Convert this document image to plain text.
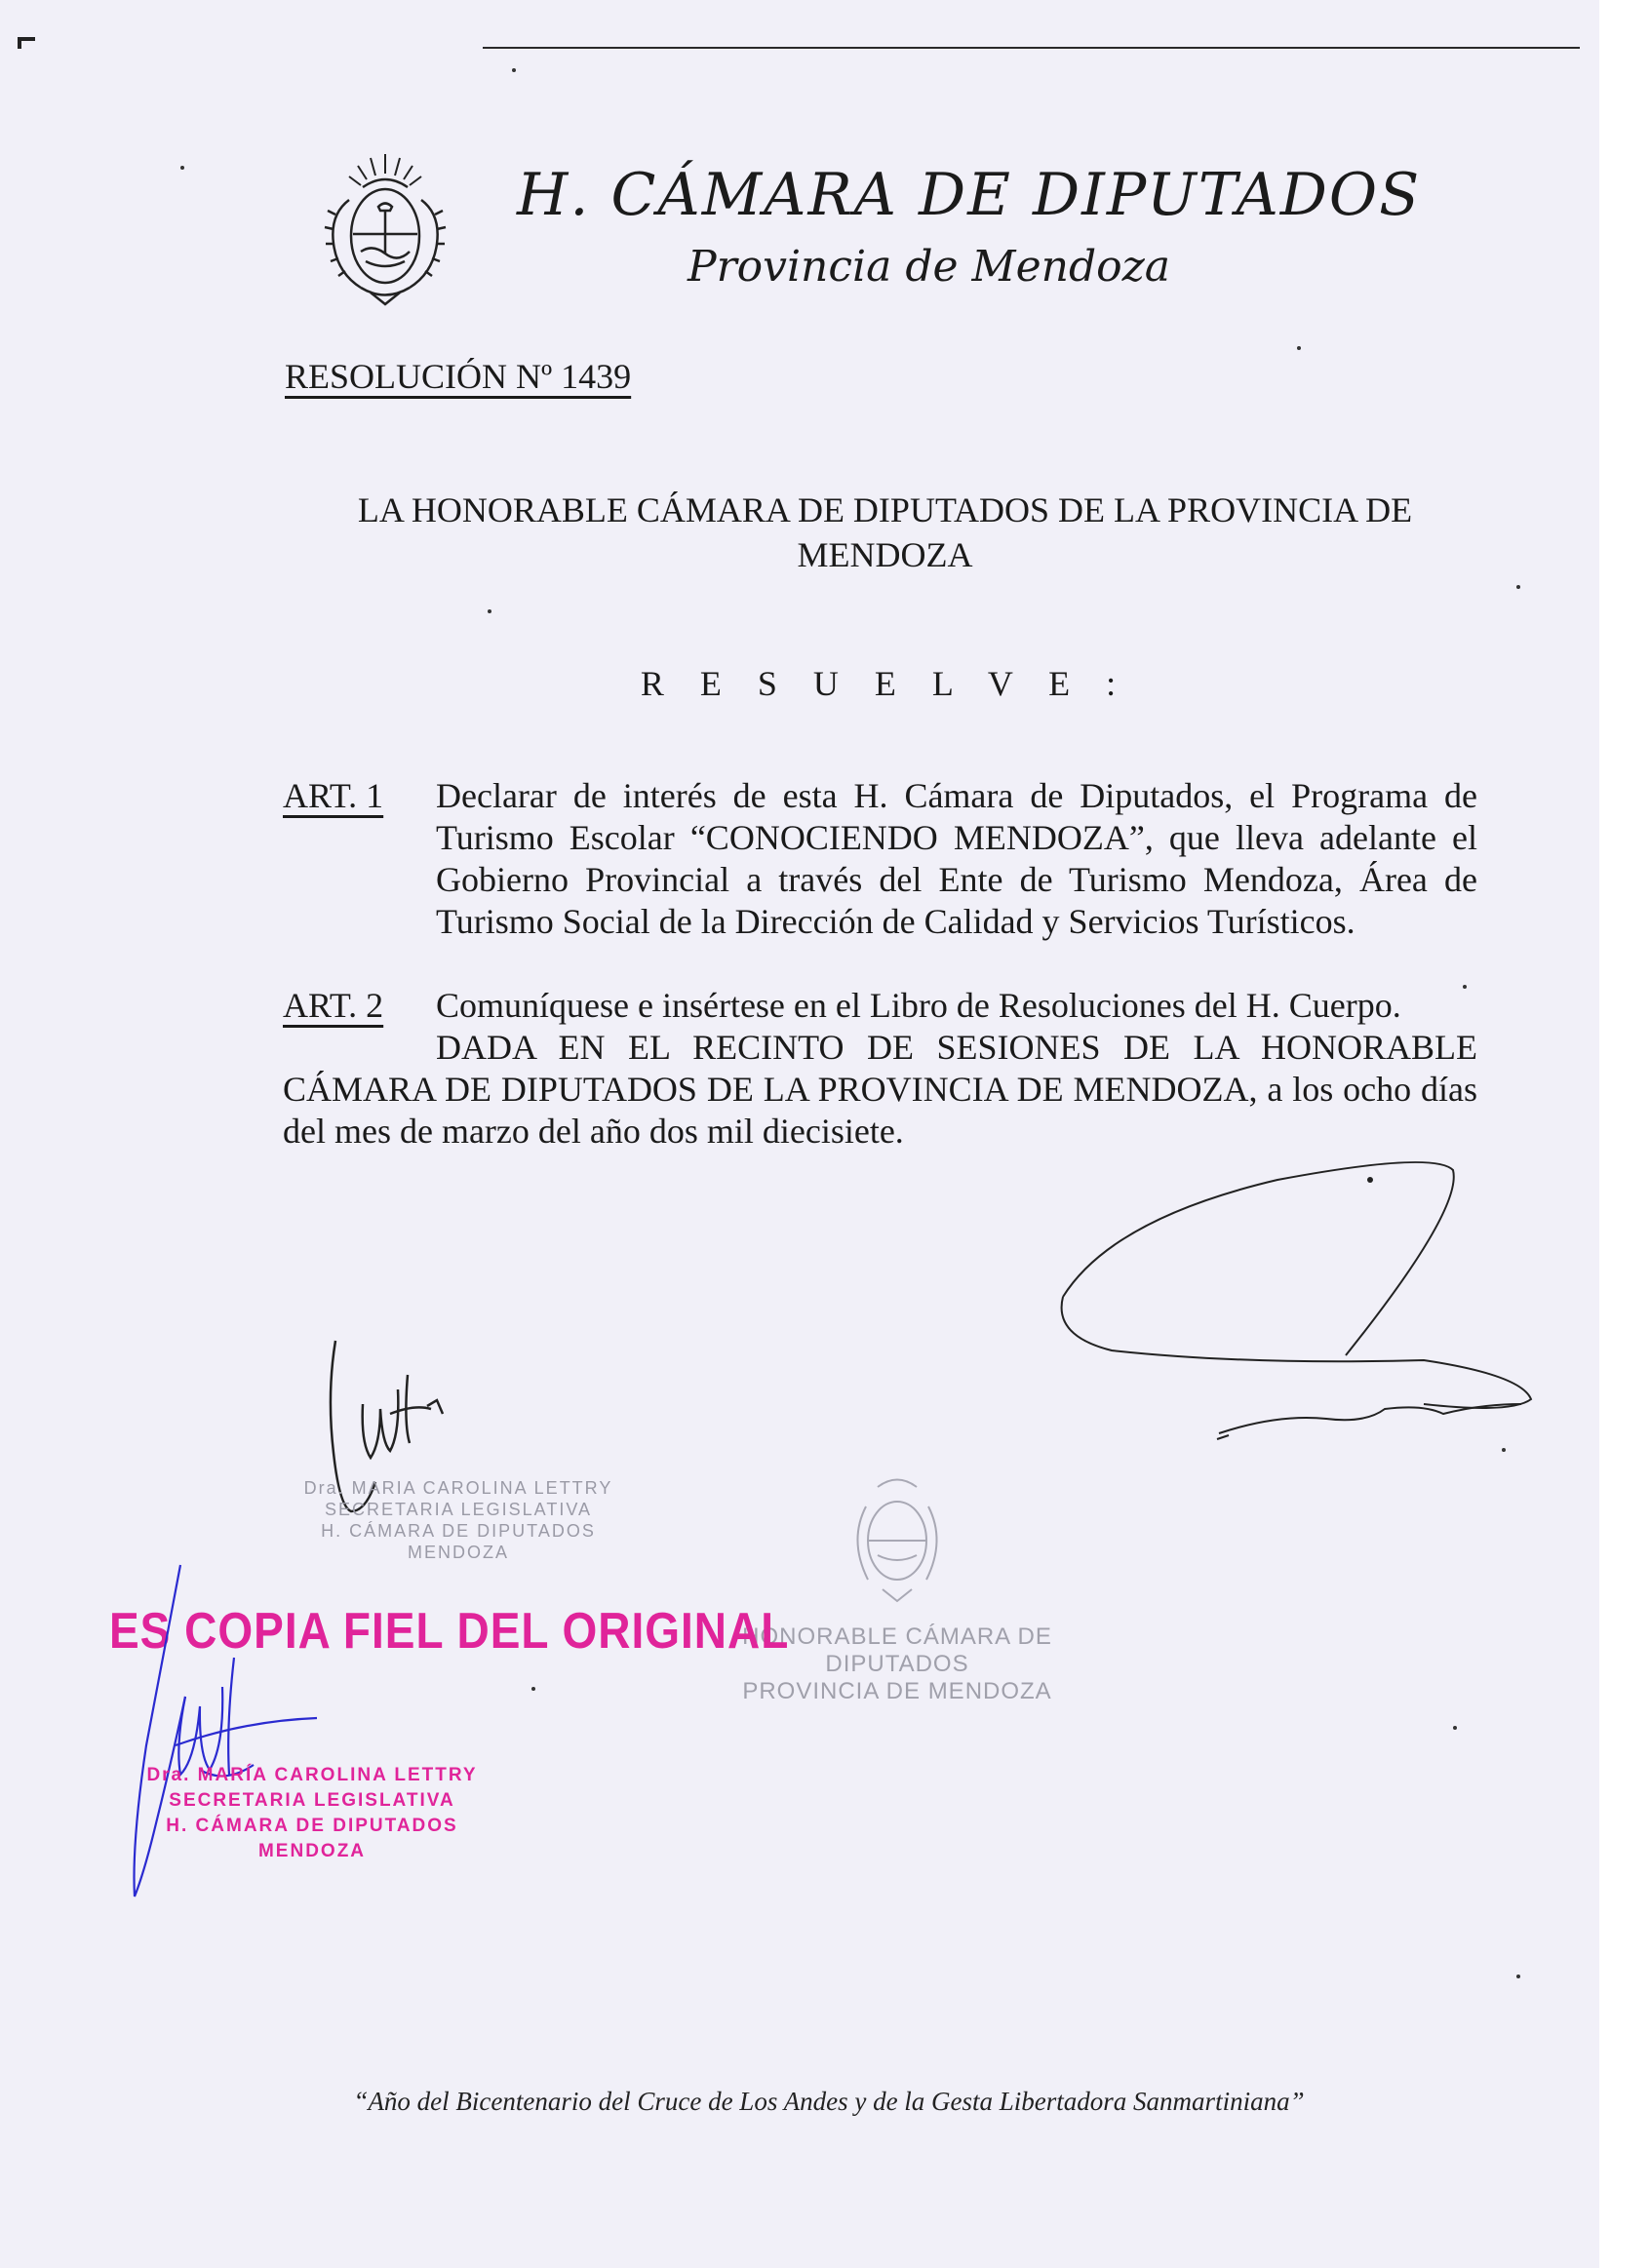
H. CÁMARA DE DIPUTADOS
Provincia de Mendoza
RESOLUCIÓN Nº 1439
LA HONORABLE CÁMARA DE DIPUTADOS DE LA PROVINCIA DE MENDOZA
R E S U E L V E :
ART. 1 Declarar de interés de esta H. Cámara de Diputados, el Programa de Turismo Escolar “CONOCIENDO MENDOZA”, que lleva adelante el Gobierno Provincial a través del Ente de Turismo Mendoza, Área de Turismo Social de la Dirección de Calidad y Servicios Turísticos.
ART. 2 Comuníquese e insértese en el Libro de Resoluciones del H. Cuerpo.
DADA EN EL RECINTO DE SESIONES DE LA HONORABLE CÁMARA DE DIPUTADOS DE LA PROVINCIA DE MENDOZA, a los ocho días del mes de marzo del año dos mil diecisiete.

Dra. MARIA CAROLINA LETTRY
SECRETARIA LEGISLATIVA
H. CÁMARA DE DIPUTADOS
MENDOZA
HONORABLE CÁMARA DE DIPUTADOS
PROVINCIA DE MENDOZA
ES COPIA FIEL DEL ORIGINAL
Dra. MARÍA CAROLINA LETTRY
SECRETARIA LEGISLATIVA
H. CÁMARA DE DIPUTADOS
MENDOZA
“Año del Bicentenario del Cruce de Los Andes y de la Gesta Libertadora Sanmartiniana”
